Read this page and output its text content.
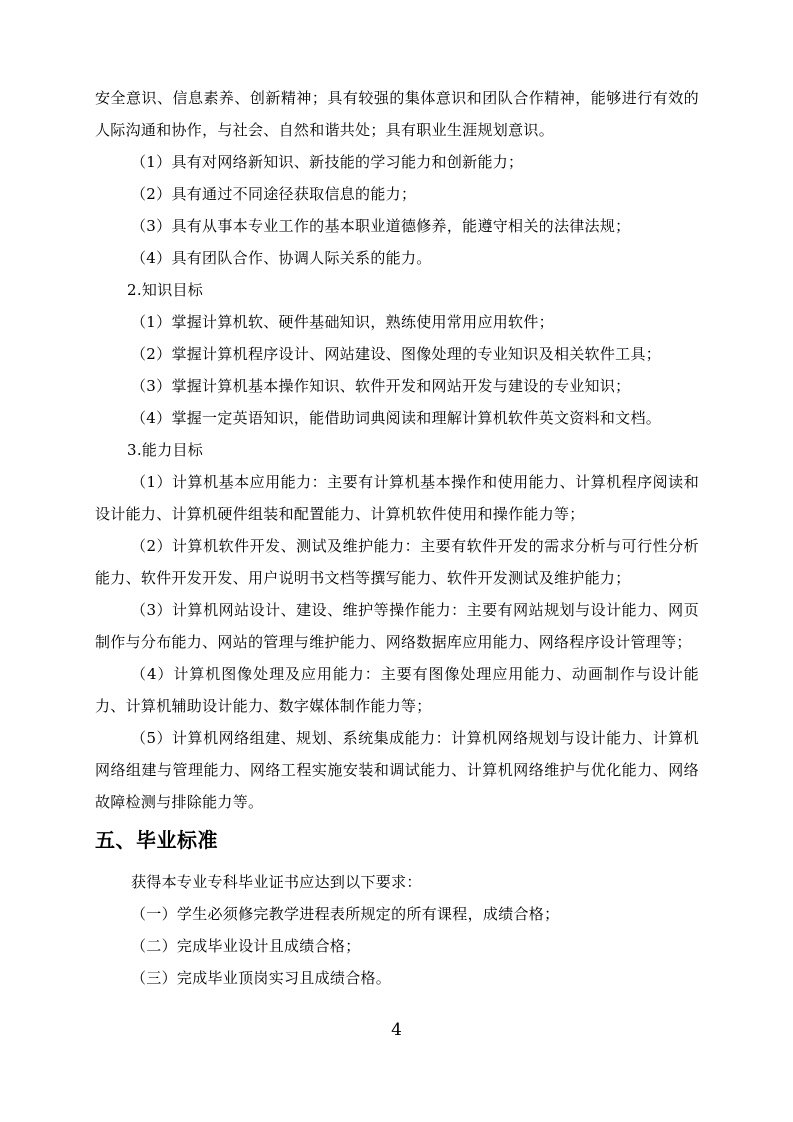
安全意识、信息素养、创新精神；具有较强的集体意识和团队合作精神，能够进行有效的人际沟通和协作，与社会、自然和谐共处；具有职业生涯规划意识。

（1）具有对网络新知识、新技能的学习能力和创新能力；

（2）具有通过不同途径获取信息的能力；

（3）具有从事本专业工作的基本职业道德修养，能遵守相关的法律法规；

（4）具有团队合作、协调人际关系的能力。

2.知识目标

（1）掌握计算机软、硬件基础知识，熟练使用常用应用软件；

（2）掌握计算机程序设计、网站建设、图像处理的专业知识及相关软件工具；

（3）掌握计算机基本操作知识、软件开发和网站开发与建设的专业知识；

（4）掌握一定英语知识，能借助词典阅读和理解计算机软件英文资料和文档。

3.能力目标

（1）计算机基本应用能力：主要有计算机基本操作和使用能力、计算机程序阅读和设计能力、计算机硬件组装和配置能力、计算机软件使用和操作能力等；

（2）计算机软件开发、测试及维护能力：主要有软件开发的需求分析与可行性分析能力、软件开发开发、用户说明书文档等撰写能力、软件开发测试及维护能力；

（3）计算机网站设计、建设、维护等操作能力：主要有网站规划与设计能力、网页制作与分布能力、网站的管理与维护能力、网络数据库应用能力、网络程序设计管理等；

（4）计算机图像处理及应用能力：主要有图像处理应用能力、动画制作与设计能力、计算机辅助设计能力、数字媒体制作能力等；

（5）计算机网络组建、规划、系统集成能力：计算机网络规划与设计能力、计算机网络组建与管理能力、网络工程实施安装和调试能力、计算机网络维护与优化能力、网络故障检测与排除能力等。

五、毕业标准

获得本专业专科毕业证书应达到以下要求：

（一）学生必须修完教学进程表所规定的所有课程，成绩合格；

（二）完成毕业设计且成绩合格；

（三）完成毕业顶岗实习且成绩合格。

4
